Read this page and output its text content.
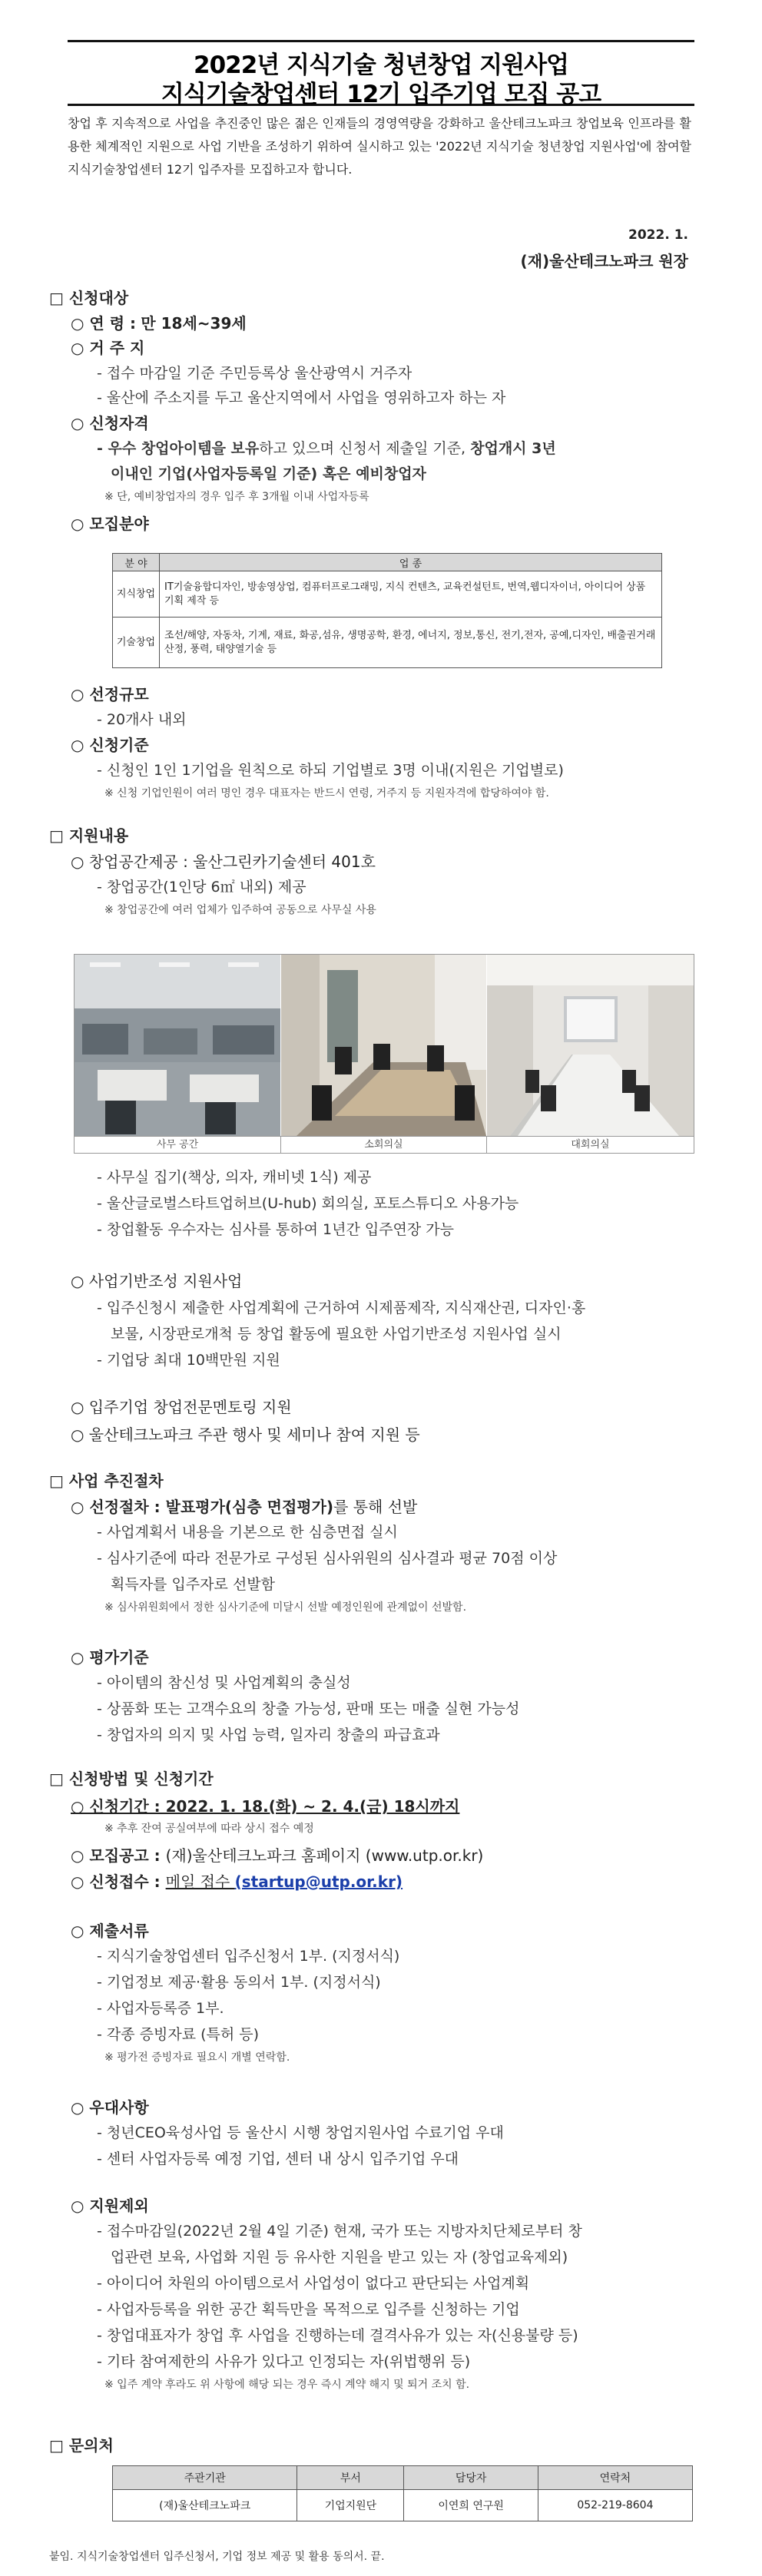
2022년 지식기술 청년창업 지원사업
지식기술창업센터 12기 입주기업 모집 공고
창업 후 지속적으로 사업을 추진중인 많은 젊은 인재들의 경영역량을 강화하고 울산테크노파크 창업보육 인프라를 활용한 체계적인 지원으로 사업 기반을 조성하기 위하여 실시하고 있는 '2022년 지식기술 청년창업 지원사업'에 참여할 지식기술창업센터 12기 입주자를 모집하고자 합니다.
2022. 1.
(재)울산테크노파크 원장
□ 신청대상
○ 연 령 : 만 18세~39세
○ 거 주 지
- 접수 마감일 기준 주민등록상 울산광역시 거주자
- 울산에 주소지를 두고 울산지역에서 사업을 영위하고자 하는 자
○ 신청자격
- 우수 창업아이템을 보유하고 있으며 신청서 제출일 기준, 창업개시 3년
이내인 기업(사업자등록일 기준) 혹은 예비창업자
※ 단, 예비창업자의 경우 입주 후 3개월 이내 사업자등록
○ 모집분야
분 야	업 종
지식창업	IT기술융합디자인, 방송영상업, 컴퓨터프로그래밍, 지식 컨텐츠, 교육컨설턴트, 번역,웹디자이너, 아이디어 상품 기획 제작 등
기술창업	조선/해양, 자동차, 기계, 재료, 화공,섬유, 생명공학, 환경, 에너지, 정보,통신, 전기,전자, 공예,디자인, 배출권거래 산정, 풍력, 태양열기술 등
○ 선정규모
- 20개사 내외
○ 신청기준
- 신청인 1인 1기업을 원칙으로 하되 기업별로 3명 이내(지원은 기업별로)
※ 신청 기업인원이 여러 명인 경우 대표자는 반드시 연령, 거주지 등 지원자격에 합당하여야 함.
□ 지원내용
○ 창업공간제공 : 울산그린카기술센터 401호
- 창업공간(1인당 6㎡ 내외) 제공
※ 창업공간에 여러 업체가 입주하여 공동으로 사무실 사용
사무 공간	소회의실	대회의실
- 사무실 집기(책상, 의자, 캐비넷 1식) 제공
- 울산글로벌스타트업허브(U-hub) 회의실, 포토스튜디오 사용가능
- 창업활동 우수자는 심사를 통하여 1년간 입주연장 가능
○ 사업기반조성 지원사업
- 입주신청시 제출한 사업계획에 근거하여 시제품제작, 지식재산권, 디자인·홍
보물, 시장판로개척 등 창업 활동에 필요한 사업기반조성 지원사업 실시
- 기업당 최대 10백만원 지원
○ 입주기업 창업전문멘토링 지원
○ 울산테크노파크 주관 행사 및 세미나 참여 지원 등
□ 사업 추진절차
○ 선정절차 : 발표평가(심층 면접평가)를 통해 선발
- 사업계획서 내용을 기본으로 한 심층면접 실시
- 심사기준에 따라 전문가로 구성된 심사위원의 심사결과 평균 70점 이상
획득자를 입주자로 선발함
※ 심사위원회에서 정한 심사기준에 미달시 선발 예정인원에 관계없이 선발함.
○ 평가기준
- 아이템의 참신성 및 사업계획의 충실성
- 상품화 또는 고객수요의 창출 가능성, 판매 또는 매출 실현 가능성
- 창업자의 의지 및 사업 능력, 일자리 창출의 파급효과
□ 신청방법 및 신청기간
○ 신청기간 : 2022. 1. 18.(화) ~ 2. 4.(금) 18시까지
※ 추후 잔여 공실여부에 따라 상시 접수 예정
○ 모집공고 : (재)울산테크노파크 홈페이지 (www.utp.or.kr)
○ 신청접수 : 메일 접수 (startup@utp.or.kr)
○ 제출서류
- 지식기술창업센터 입주신청서 1부. (지정서식)
- 기업정보 제공·활용 동의서 1부. (지정서식)
- 사업자등록증 1부.
- 각종 증빙자료 (특허 등)
※ 평가전 증빙자료 필요시 개별 연락함.
○ 우대사항
- 청년CEO육성사업 등 울산시 시행 창업지원사업 수료기업 우대
- 센터 사업자등록 예정 기업, 센터 내 상시 입주기업 우대
○ 지원제외
- 접수마감일(2022년 2월 4일 기준) 현재, 국가 또는 지방자치단체로부터 창
업관련 보육, 사업화 지원 등 유사한 지원을 받고 있는 자 (창업교육제외)
- 아이디어 차원의 아이템으로서 사업성이 없다고 판단되는 사업계획
- 사업자등록을 위한 공간 획득만을 목적으로 입주를 신청하는 기업
- 창업대표자가 창업 후 사업을 진행하는데 결격사유가 있는 자(신용불량 등)
- 기타 참여제한의 사유가 있다고 인정되는 자(위법행위 등)
※ 입주 계약 후라도 위 사항에 해당 되는 경우 즉시 계약 해지 및 퇴거 조치 함.
□ 문의처
주관기관	부서	담당자	연락처
(재)울산테크노파크	기업지원단	이연희 연구원	052-219-8604
붙임. 지식기술창업센터 입주신청서, 기업 정보 제공 및 활용 동의서. 끝.
